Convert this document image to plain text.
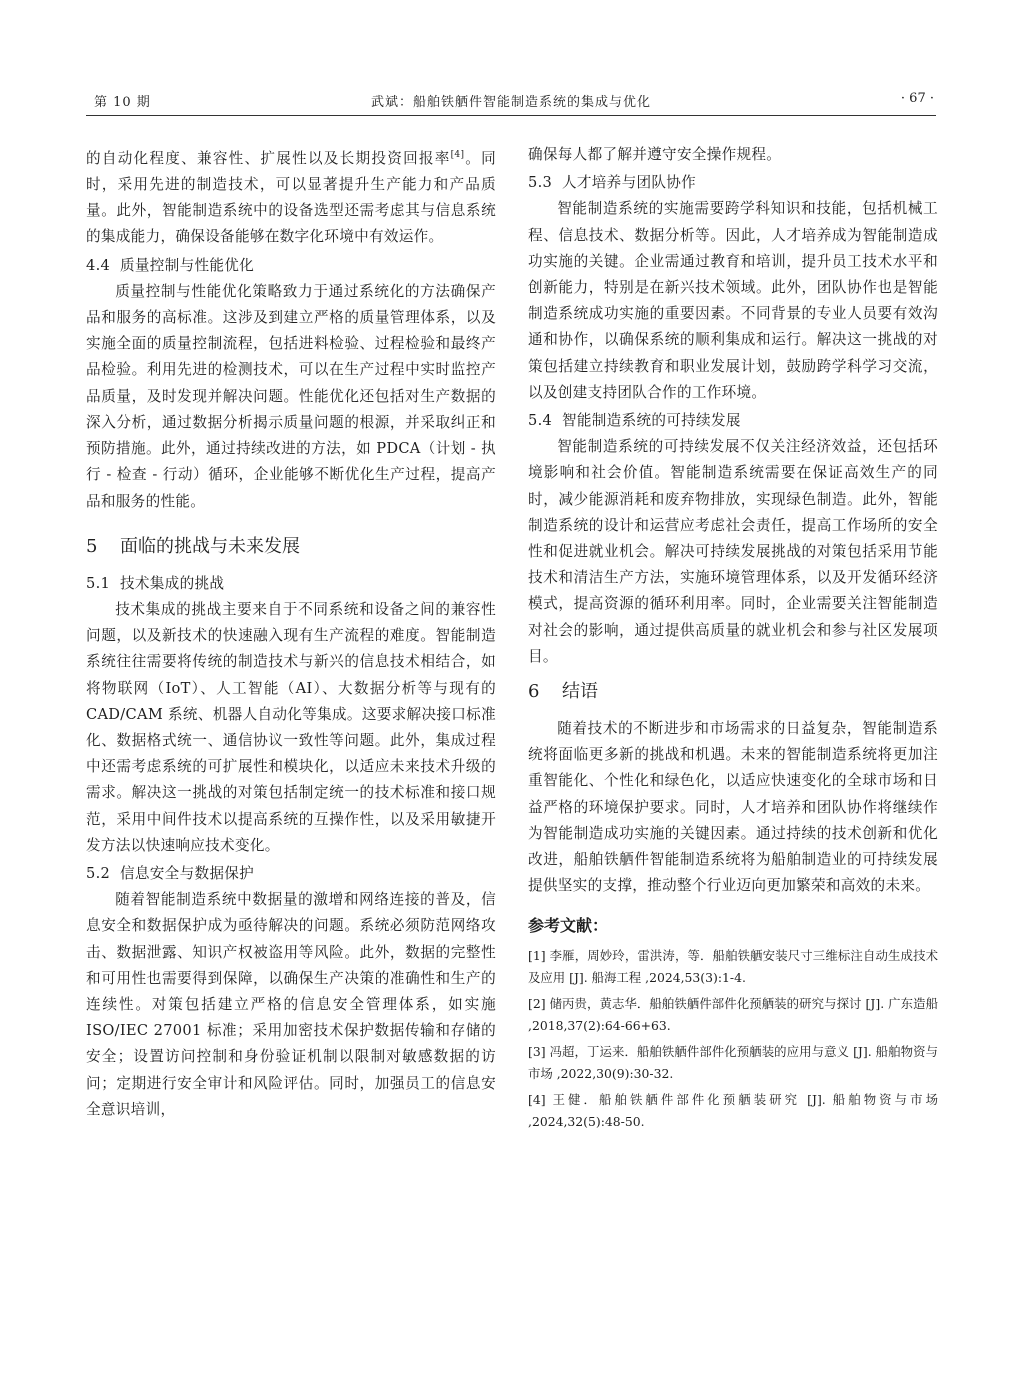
第 10 期	武斌：船舶铁舾件智能制造系统的集成与优化	· 67 ·

的自动化程度、兼容性、扩展性以及长期投资回报率[4]。同时，采用先进的制造技术，可以显著提升生产能力和产品质量。此外，智能制造系统中的设备选型还需考虑其与信息系统的集成能力，确保设备能够在数字化环境中有效运作。

4.4 质量控制与性能优化

质量控制与性能优化策略致力于通过系统化的方法确保产品和服务的高标准。这涉及到建立严格的质量管理体系，以及实施全面的质量控制流程，包括进料检验、过程检验和最终产品检验。利用先进的检测技术，可以在生产过程中实时监控产品质量，及时发现并解决问题。性能优化还包括对生产数据的深入分析，通过数据分析揭示质量问题的根源，并采取纠正和预防措施。此外，通过持续改进的方法，如 PDCA（计划 - 执行 - 检查 - 行动）循环，企业能够不断优化生产过程，提高产品和服务的性能。

5 面临的挑战与未来发展
5.1 技术集成的挑战

技术集成的挑战主要来自于不同系统和设备之间的兼容性问题，以及新技术的快速融入现有生产流程的难度。智能制造系统往往需要将传统的制造技术与新兴的信息技术相结合，如将物联网（IoT）、人工智能（AI）、大数据分析等与现有的 CAD/CAM 系统、机器人自动化等集成。这要求解决接口标准化、数据格式统一、通信协议一致性等问题。此外，集成过程中还需考虑系统的可扩展性和模块化，以适应未来技术升级的需求。解决这一挑战的对策包括制定统一的技术标准和接口规范，采用中间件技术以提高系统的互操作性，以及采用敏捷开发方法以快速响应技术变化。

5.2 信息安全与数据保护

随着智能制造系统中数据量的激增和网络连接的普及，信息安全和数据保护成为亟待解决的问题。系统必须防范网络攻击、数据泄露、知识产权被盗用等风险。此外，数据的完整性和可用性也需要得到保障，以确保生产决策的准确性和生产的连续性。对策包括建立严格的信息安全管理体系，如实施 ISO/IEC 27001 标准；采用加密技术保护数据传输和存储的安全；设置访问控制和身份验证机制以限制对敏感数据的访问；定期进行安全审计和风险评估。同时，加强员工的信息安全意识培训，

确保每人都了解并遵守安全操作规程。

5.3 人才培养与团队协作

智能制造系统的实施需要跨学科知识和技能，包括机械工程、信息技术、数据分析等。因此，人才培养成为智能制造成功实施的关键。企业需通过教育和培训，提升员工技术水平和创新能力，特别是在新兴技术领域。此外，团队协作也是智能制造系统成功实施的重要因素。不同背景的专业人员要有效沟通和协作，以确保系统的顺利集成和运行。解决这一挑战的对策包括建立持续教育和职业发展计划，鼓励跨学科学习交流，以及创建支持团队合作的工作环境。

5.4 智能制造系统的可持续发展

智能制造系统的可持续发展不仅关注经济效益，还包括环境影响和社会价值。智能制造系统需要在保证高效生产的同时，减少能源消耗和废弃物排放，实现绿色制造。此外，智能制造系统的设计和运营应考虑社会责任，提高工作场所的安全性和促进就业机会。解决可持续发展挑战的对策包括采用节能技术和清洁生产方法，实施环境管理体系，以及开发循环经济模式，提高资源的循环利用率。同时，企业需要关注智能制造对社会的影响，通过提供高质量的就业机会和参与社区发展项目。

6 结语

随着技术的不断进步和市场需求的日益复杂，智能制造系统将面临更多新的挑战和机遇。未来的智能制造系统将更加注重智能化、个性化和绿色化，以适应快速变化的全球市场和日益严格的环境保护要求。同时，人才培养和团队协作将继续作为智能制造成功实施的关键因素。通过持续的技术创新和优化改进，船舶铁舾件智能制造系统将为船舶制造业的可持续发展提供坚实的支撑，推动整个行业迈向更加繁荣和高效的未来。

参考文献：

[1] 李雁，周妙玲，雷洪涛，等．船舶铁舾安装尺寸三维标注自动生成技术及应用 [J]. 船海工程 ,2024,53(3):1-4.

[2] 储丙贵，黄志华．船舶铁舾件部件化预舾装的研究与探讨 [J]. 广东造船 ,2018,37(2):64-66+63.

[3] 冯超，丁运来．船舶铁舾件部件化预舾装的应用与意义 [J]. 船舶物资与市场 ,2022,30(9):30-32.

[4] 王健．船舶铁舾件部件化预舾装研究 [J]. 船舶物资与市场 ,2024,32(5):48-50.
